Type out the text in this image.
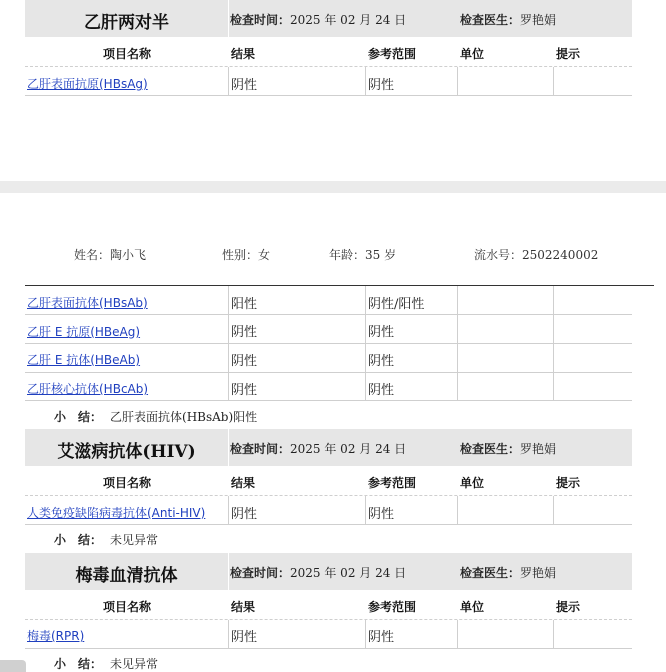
乙肝两对半	检查时间：2025 年 02 月 24 日	检查医生：罗艳娟
项目名称	结果	参考范围	单位	提示
乙肝表面抗原(HBsAg)	阴性	阴性
姓名：陶小飞	性别：女	年龄：35 岁	流水号：2502240002
乙肝表面抗体(HBsAb)	阳性	阴性/阳性
乙肝 E 抗原(HBeAg)	阴性	阴性
乙肝 E 抗体(HBeAb)	阴性	阴性
乙肝核心抗体(HBcAb)	阴性	阴性
小　结： 乙肝表面抗体(HBsAb)阳性
艾滋病抗体(HIV)	检查时间：2025 年 02 月 24 日	检查医生：罗艳娟
项目名称	结果	参考范围	单位	提示
人类免疫缺陷病毒抗体(Anti-HIV) 阴性	阴性
小　结： 未见异常
梅毒血清抗体	检查时间：2025 年 02 月 24 日	检查医生：罗艳娟
项目名称	结果	参考范围	单位	提示
梅毒(RPR)	阴性	阴性
小　结： 未见异常
